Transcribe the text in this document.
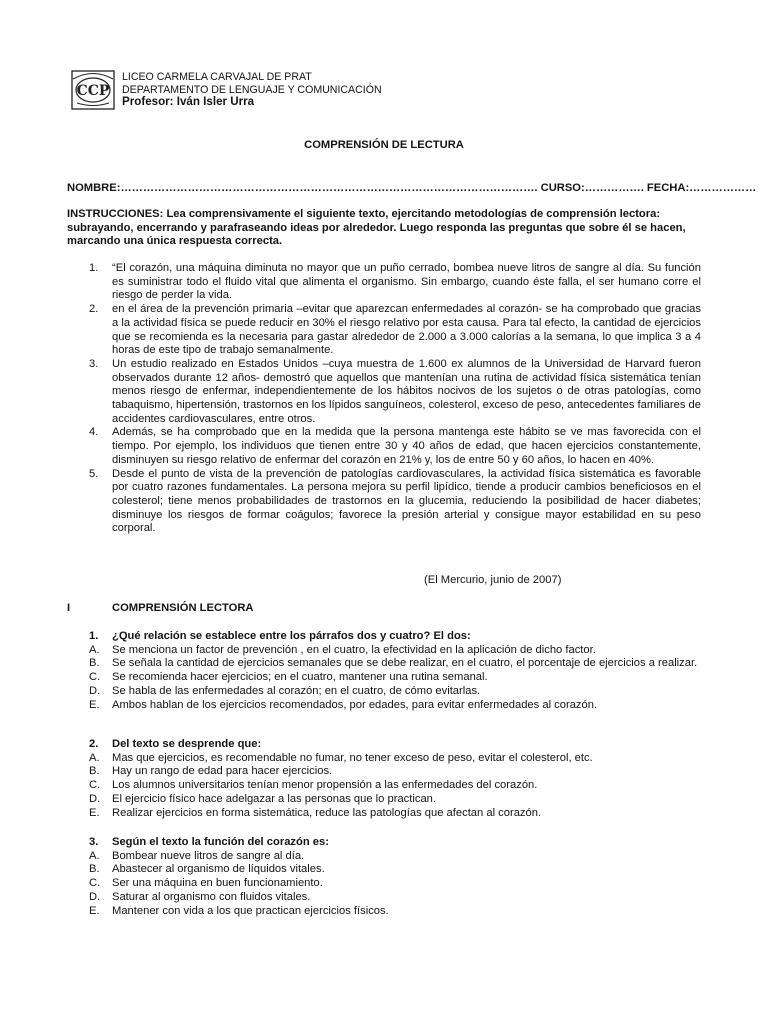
CCP
LICEO CARMELA CARVAJAL DE PRAT
DEPARTAMENTO DE LENGUAJE Y COMUNICACIÓN
Profesor: Iván Isler Urra
COMPRENSIÓN DE LECTURA
NOMBRE:…………………………………………………………………………………………………. CURSO:……………. FECHA:………………
INSTRUCCIONES: Lea comprensivamente el siguiente texto, ejercitando metodologías de comprensión lectora: subrayando, encerrando y parafraseando ideas por alrededor. Luego responda las preguntas que sobre él se hacen, marcando una única respuesta correcta.
1. “El corazón, una máquina diminuta no mayor que un puño cerrado, bombea nueve litros de sangre al día. Su función es suministrar todo el fluido vital que alimenta el organismo. Sin embargo, cuando éste falla, el ser humano corre el riesgo de perder la vida.
2. en el área de la prevención primaria –evitar que aparezcan enfermedades al corazón- se ha comprobado que gracias a la actividad física se puede reducir en 30% el riesgo relativo por esta causa. Para tal efecto, la cantidad de ejercicios que se recomienda es la necesaria para gastar alrededor de 2.000 a 3.000 calorías a la semana, lo que implica 3 a 4 horas de este tipo de trabajo semanalmente.
3. Un estudio realizado en Estados Unidos –cuya muestra de 1.600 ex alumnos de la Universidad de Harvard fueron observados durante 12 años- demostró que aquellos que mantenían una rutina de actividad física sistemática tenían menos riesgo de enfermar, independientemente de los hábitos nocivos de los sujetos o de otras patologías, como tabaquismo, hipertensión, trastornos en los lípidos sanguíneos, colesterol, exceso de peso, antecedentes familiares de accidentes cardiovasculares, entre otros.
4. Además, se ha comprobado que en la medida que la persona mantenga este hábito se ve mas favorecida con el tiempo. Por ejemplo, los individuos que tienen entre 30 y 40 años de edad, que hacen ejercicios constantemente, disminuyen su riesgo relativo de enfermar del corazón en 21% y, los de entre 50 y 60 años, lo hacen en 40%.
5. Desde el punto de vista de la prevención de patologías cardiovasculares, la actividad física sistemática es favorable por cuatro razones fundamentales. La persona mejora su perfil lipídico, tiende a producir cambios beneficiosos en el colesterol; tiene menos probabilidades de trastornos en la glucemia, reduciendo la posibilidad de hacer diabetes; disminuye los riesgos de formar coágulos; favorece la presión arterial y consigue mayor estabilidad en su peso corporal.
(El Mercurio, junio de 2007)
I	COMPRENSIÓN LECTORA
1. ¿Qué relación se establece entre los párrafos dos y cuatro? El dos:
A. Se menciona un factor de prevención , en el cuatro, la efectividad en la aplicación de dicho factor.
B. Se señala la cantidad de ejercicios semanales que se debe realizar, en el cuatro, el porcentaje de ejercicios a realizar.
C. Se recomienda hacer ejercicios; en el cuatro, mantener una rutina semanal.
D. Se habla de las enfermedades al corazón; en el cuatro, de cómo evitarlas.
E. Ambos hablan de los ejercicios recomendados, por edades, para evitar enfermedades al corazón.
2. Del texto se desprende que:
A. Mas que ejercicios, es recomendable no fumar, no tener exceso de peso, evitar el colesterol, etc.
B. Hay un rango de edad para hacer ejercicios.
C. Los alumnos universitarios tenían menor propensión a las enfermedades del corazón.
D. El ejercicio físico hace adelgazar a las personas que lo practican.
E. Realizar ejercicios en forma sistemática, reduce las patologías que afectan al corazón.
3. Según el texto la función del corazón es:
A. Bombear nueve litros de sangre al día.
B. Abastecer al organismo de líquidos vitales.
C. Ser una máquina en buen funcionamiento.
D. Saturar al organismo con fluidos vitales.
E. Mantener con vida a los que practican ejercicios físicos.
